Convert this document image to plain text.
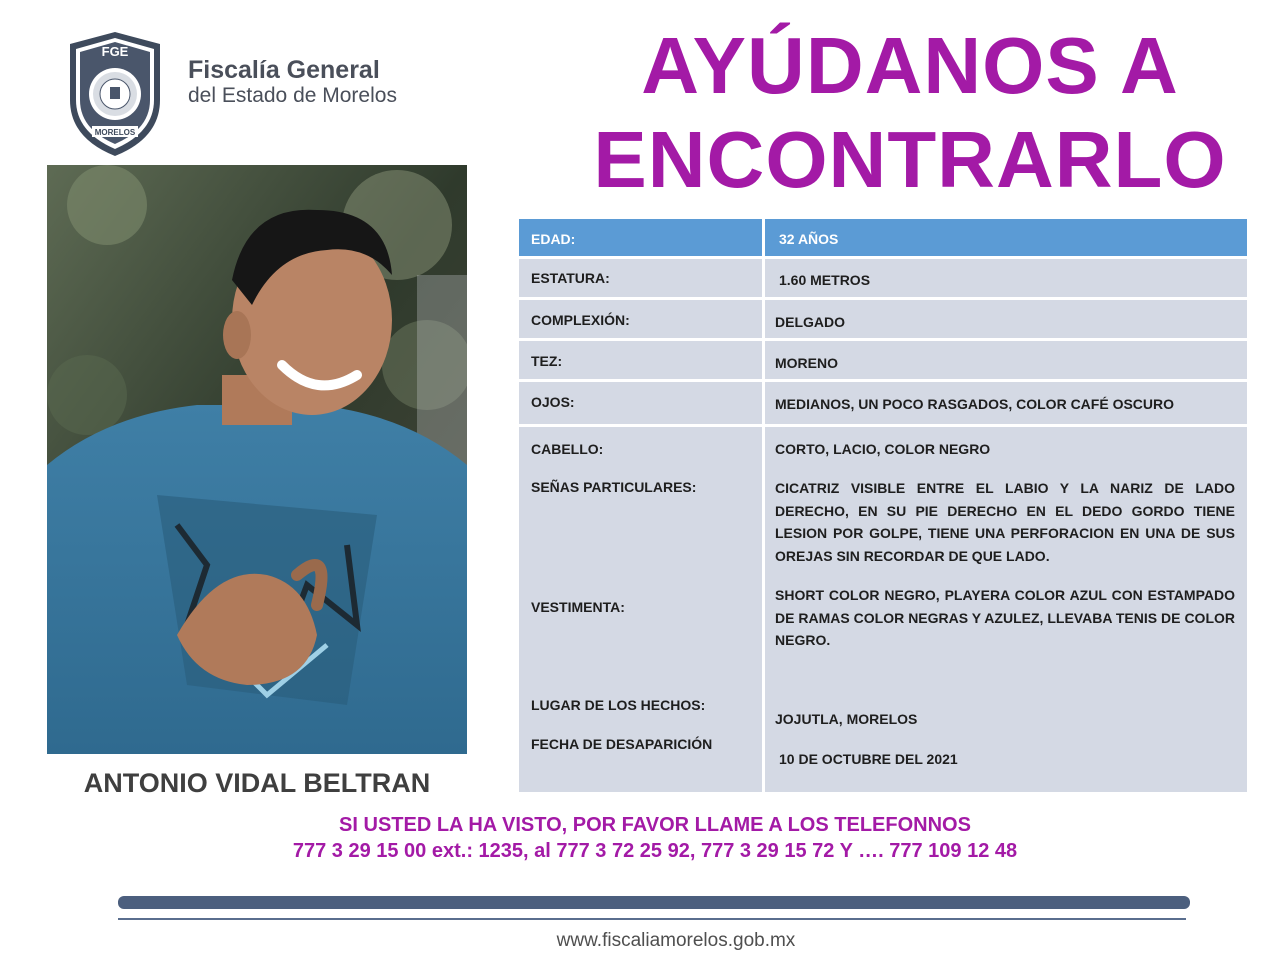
FGE
MORELOS
Fiscalía General
del Estado de Morelos	AYÚDANOS A
ENCONTRARLO
ANTONIO VIDAL BELTRAN
EDAD:	32 AÑOS
ESTATURA:	1.60 METROS
COMPLEXIÓN:	DELGADO
TEZ:	MORENO
OJOS:	MEDIANOS, UN POCO RASGADOS, COLOR CAFÉ OSCURO
CABELLO:	CORTO, LACIO, COLOR NEGRO
SEÑAS PARTICULARES:	CICATRIZ VISIBLE ENTRE EL LABIO Y LA NARIZ DE LADO DERECHO, EN SU PIE DERECHO EN EL DEDO GORDO TIENE LESION POR GOLPE, TIENE UNA PERFORACION EN UNA DE SUS OREJAS SIN RECORDAR DE QUE LADO.
VESTIMENTA:
SHORT COLOR NEGRO, PLAYERA COLOR AZUL CON ESTAMPADO DE RAMAS COLOR NEGRAS Y AZULEZ, LLEVABA TENIS DE COLOR NEGRO.
LUGAR DE LOS HECHOS:
JOJUTLA, MORELOS
FECHA DE DESAPARICIÓN
10 DE OCTUBRE DEL 2021
SI USTED LA HA VISTO, POR FAVOR LLAME A LOS TELEFONNOS
777 3 29 15 00 ext.: 1235, al 777 3 72 25 92, 777 3 29 15 72 Y …. 777 109 12 48
www.fiscaliamorelos.gob.mx
